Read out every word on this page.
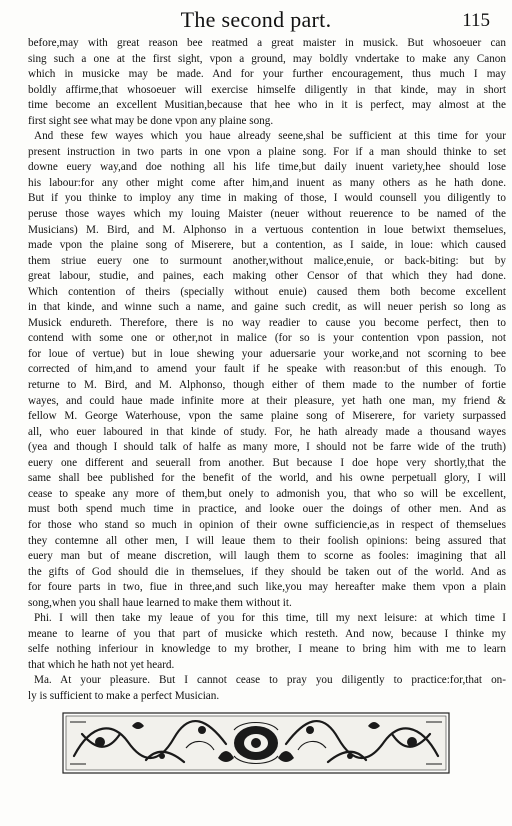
The second part.	115
before,may with great reason bee reatmed a great maister in musick. But whosoeuer can
sing such a one at the first sight, vpon a ground, may boldly vndertake to make any Canon
which in musicke may be made. And for your further encouragement, thus much I may
boldly affirme,that whosoeuer will exercise himselfe diligently in that kinde, may in short
time become an excellent Musitian,because that hee who in it is perfect, may almost at the
first sight see what may be done vpon any plaine song.
And these few wayes which you haue already seene,shal be sufficient at this time for your
present instruction in two parts in one vpon a plaine song. For if a man should thinke to set
downe euery way,and doe nothing all his life time,but daily inuent variety,hee should lose
his labour:for any other might come after him,and inuent as many others as he hath done.
But if you thinke to imploy any time in making of those, I would counsell you diligently to
peruse those wayes which my louing Maister (neuer without reuerence to be named of the
Musicians) M. Bird, and M. Alphonso in a vertuous contention in loue betwixt themselues,
made vpon the plaine song of Miserere, but a contention, as I saide, in loue: which caused
them striue euery one to surmount another,without malice,enuie, or back-biting: but by
great labour, studie, and paines, each making other Censor of that which they had done.
Which contention of theirs (specially without enuie) caused them both become excellent
in that kinde, and winne such a name, and gaine such credit, as will neuer perish so long as
Musick endureth. Therefore, there is no way readier to cause you become perfect, then to
contend with some one or other,not in malice (for so is your contention vpon passion, not
for loue of vertue) but in loue shewing your aduersarie your worke,and not scorning to bee
corrected of him,and to amend your fault if he speake with reason:but of this enough. To
returne to M. Bird, and M. Alphonso, though either of them made to the number of fortie
wayes, and could haue made infinite more at their pleasure, yet hath one man, my friend &
fellow M. George Waterhouse, vpon the same plaine song of Miserere, for variety surpassed
all, who euer laboured in that kinde of study. For, he hath already made a thousand wayes
(yea and though I should talk of halfe as many more, I should not be farre wide of the truth)
euery one different and seuerall from another. But because I doe hope very shortly,that the
same shall bee published for the benefit of the world, and his owne perpetuall glory, I will
cease to speake any more of them,but onely to admonish you, that who so will be excellent,
must both spend much time in practice, and looke ouer the doings of other men. And as
for those who stand so much in opinion of their owne sufficiencie,as in respect of themselues
they contemne all other men, I will leaue them to their foolish opinions: being assured that
euery man but of meane discretion, will laugh them to scorne as fooles: imagining that all
the gifts of God should die in themselues, if they should be taken out of the world. And as
for foure parts in two, fiue in three,and such like,you may hereafter make them vpon a plain
song,when you shall haue learned to make them without it.
Phi. I will then take my leaue of you for this time, till my next leisure: at which time I
meane to learne of you that part of musicke which resteth. And now, because I thinke my
selfe nothing inferiour in knowledge to my brother, I meane to bring him with me to learn
that which he hath not yet heard.
Ma. At your pleasure. But I cannot cease to pray you diligently to practice:for,that on-
ly is sufficient to make a perfect Musician.
